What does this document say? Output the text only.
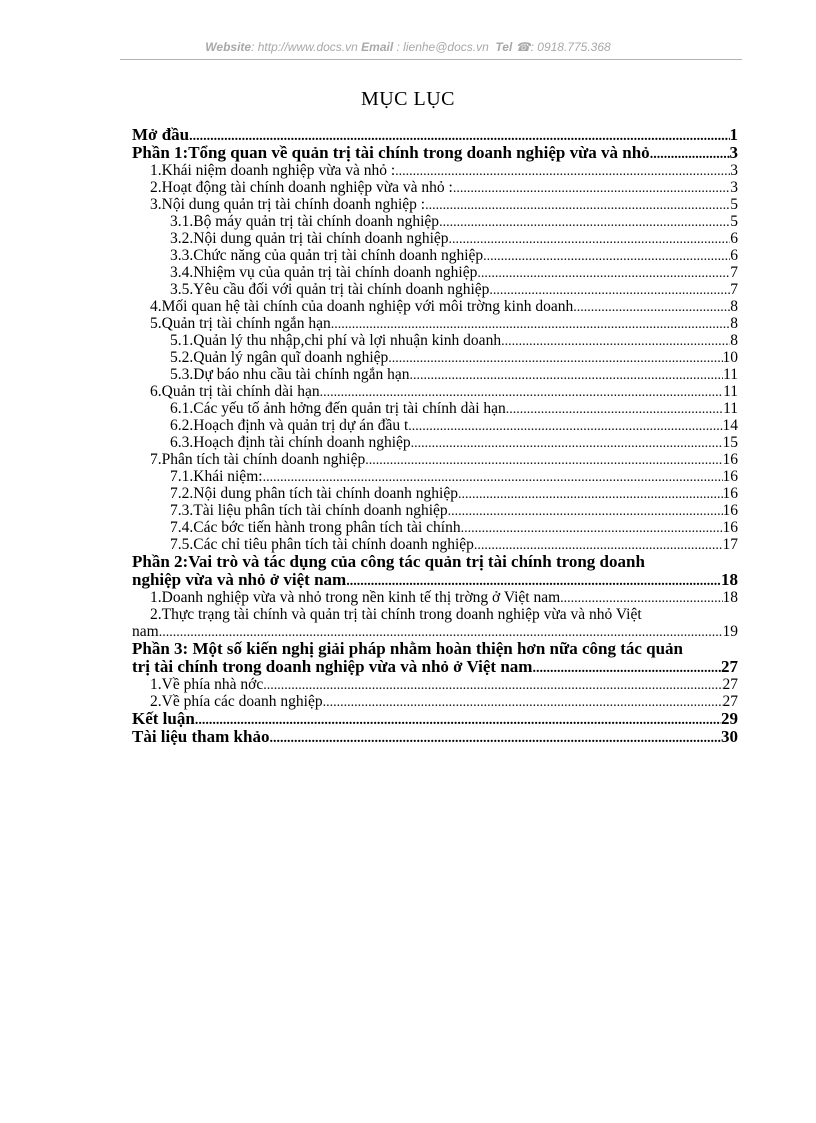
Website: http://www.docs.vn Email : lienhe@docs.vn Tel ☎: 0918.775.368
MỤC LỤC
Mở đầu .....	1
Phần 1:Tổng quan về quản trị tài chính trong doanh nghiệp vừa và nhỏ .....	3
1.Khái niệm doanh nghiệp vừa và nhỏ : .....	3
2.Hoạt động tài chính doanh nghiệp vừa và nhỏ : .....	3
3.Nội dung quản trị tài chính doanh nghiệp : .....	5
3.1.Bộ máy quản trị tài chính doanh nghiệp .....	5
3.2.Nội dung quản trị tài chính doanh nghiệp .....	6
3.3.Chức năng của quản trị tài chính doanh nghiệp .....	6
3.4.Nhiệm vụ của quản trị tài chính doanh nghiệp .....	7
3.5.Yêu cầu đối với quản trị tài chính doanh nghiệp .....	7
4.Mối quan hệ tài chính của doanh nghiệp với môi trờng kinh doanh .....	8
5.Quản trị tài chính ngắn hạn .....	8
5.1.Quản lý thu nhập,chi phí và lợi nhuận kinh doanh .....	8
5.2.Quản lý ngân quĩ doanh nghiệp .....	10
5.3.Dự báo nhu cầu tài chính ngắn hạn .....	11
6.Quản trị tài chính dài hạn .....	11
6.1.Các yếu tố ảnh hởng đến quản trị tài chính dài hạn .....	11
6.2.Hoạch định và quản trị dự án đầu t .....	14
6.3.Hoạch định tài chính doanh nghiệp .....	15
7.Phân tích tài chính doanh nghiệp .....	16
7.1.Khái niệm: .....	16
7.2.Nội dung phân tích tài chính doanh nghiệp .....	16
7.3.Tài liệu phân tích tài chính doanh nghiệp .....	16
7.4.Các bớc tiến hành trong phân tích tài chính .....	16
7.5.Các chỉ tiêu phân tích tài chính doanh nghiệp .....	17
Phần 2:Vai trò và tác dụng của công tác quản trị tài chính trong doanh
nghiệp vừa và nhỏ ở việt nam .....	18
1.Doanh nghiệp vừa và nhỏ trong nền kinh tế thị trờng ở Việt nam .....	18
2.Thực trạng tài chính và quản trị tài chính trong doanh nghiệp vừa và nhỏ Việt
nam .....	19
Phần 3: Một số kiến nghị giải pháp nhằm hoàn thiện hơn nữa công tác quản
trị tài chính trong doanh nghiệp vừa và nhỏ ở Việt nam .....	27
1.Về phía nhà nớc .....	27
2.Về phía các doanh nghiệp .....	27
Kết luận .....	29
Tài liệu tham khảo .....	30
